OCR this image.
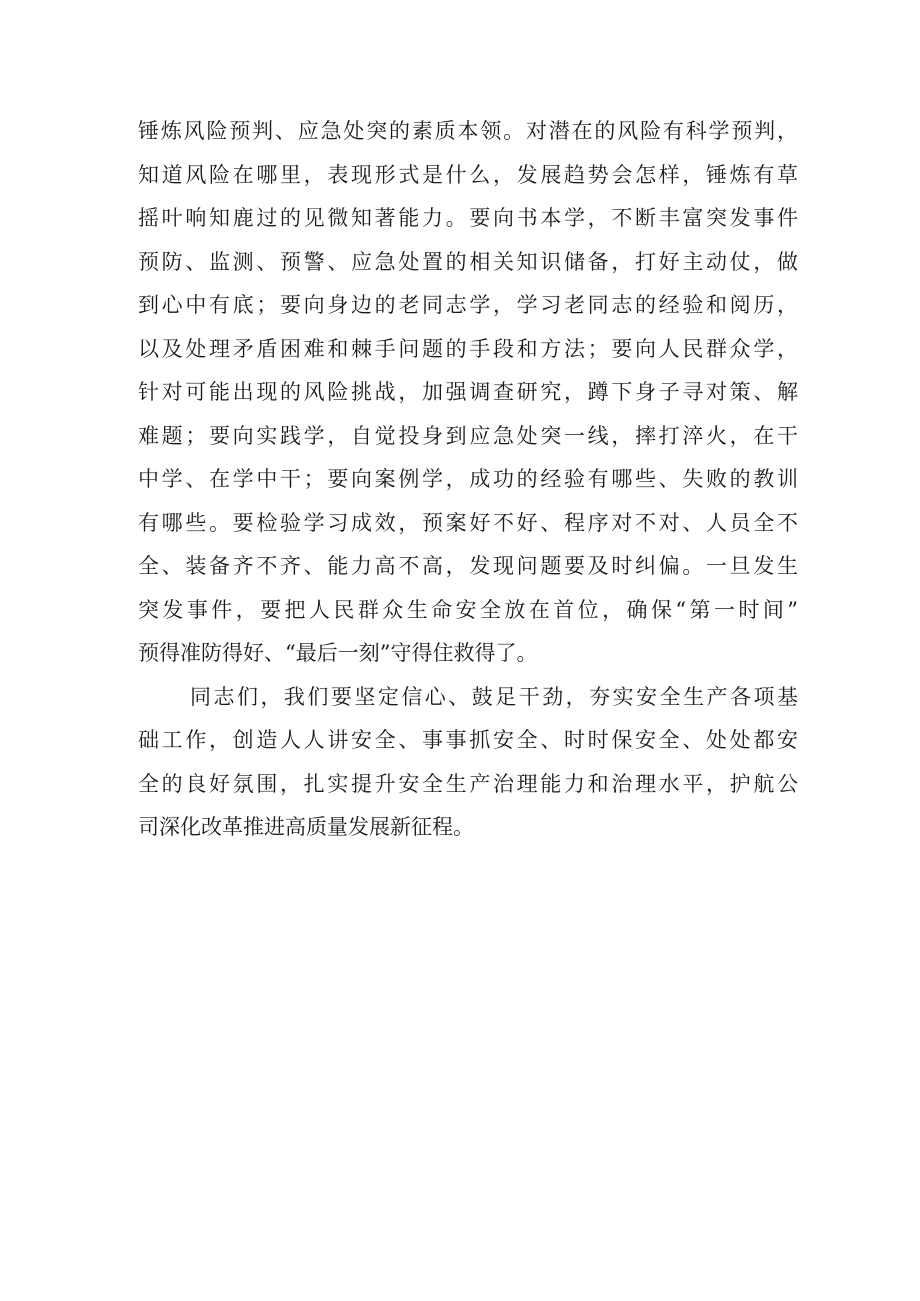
锤炼风险预判、应急处突的素质本领。对潜在的风险有科学预判，
知道风险在哪里，表现形式是什么，发展趋势会怎样，锤炼有草
摇叶响知鹿过的见微知著能力。要向书本学，不断丰富突发事件
预防、监测、预警、应急处置的相关知识储备，打好主动仗，做
到心中有底；要向身边的老同志学，学习老同志的经验和阅历，
以及处理矛盾困难和棘手问题的手段和方法；要向人民群众学，
针对可能出现的风险挑战，加强调查研究，蹲下身子寻对策、解
难题；要向实践学，自觉投身到应急处突一线，摔打淬火，在干
中学、在学中干；要向案例学，成功的经验有哪些、失败的教训
有哪些。要检验学习成效，预案好不好、程序对不对、人员全不
全、装备齐不齐、能力高不高，发现问题要及时纠偏。一旦发生
突发事件，要把人民群众生命安全放在首位，确保“第一时间”
预得准防得好、“最后一刻”守得住救得了。
同志们，我们要坚定信心、鼓足干劲，夯实安全生产各项基
础工作，创造人人讲安全、事事抓安全、时时保安全、处处都安
全的良好氛围，扎实提升安全生产治理能力和治理水平，护航公
司深化改革推进高质量发展新征程。
